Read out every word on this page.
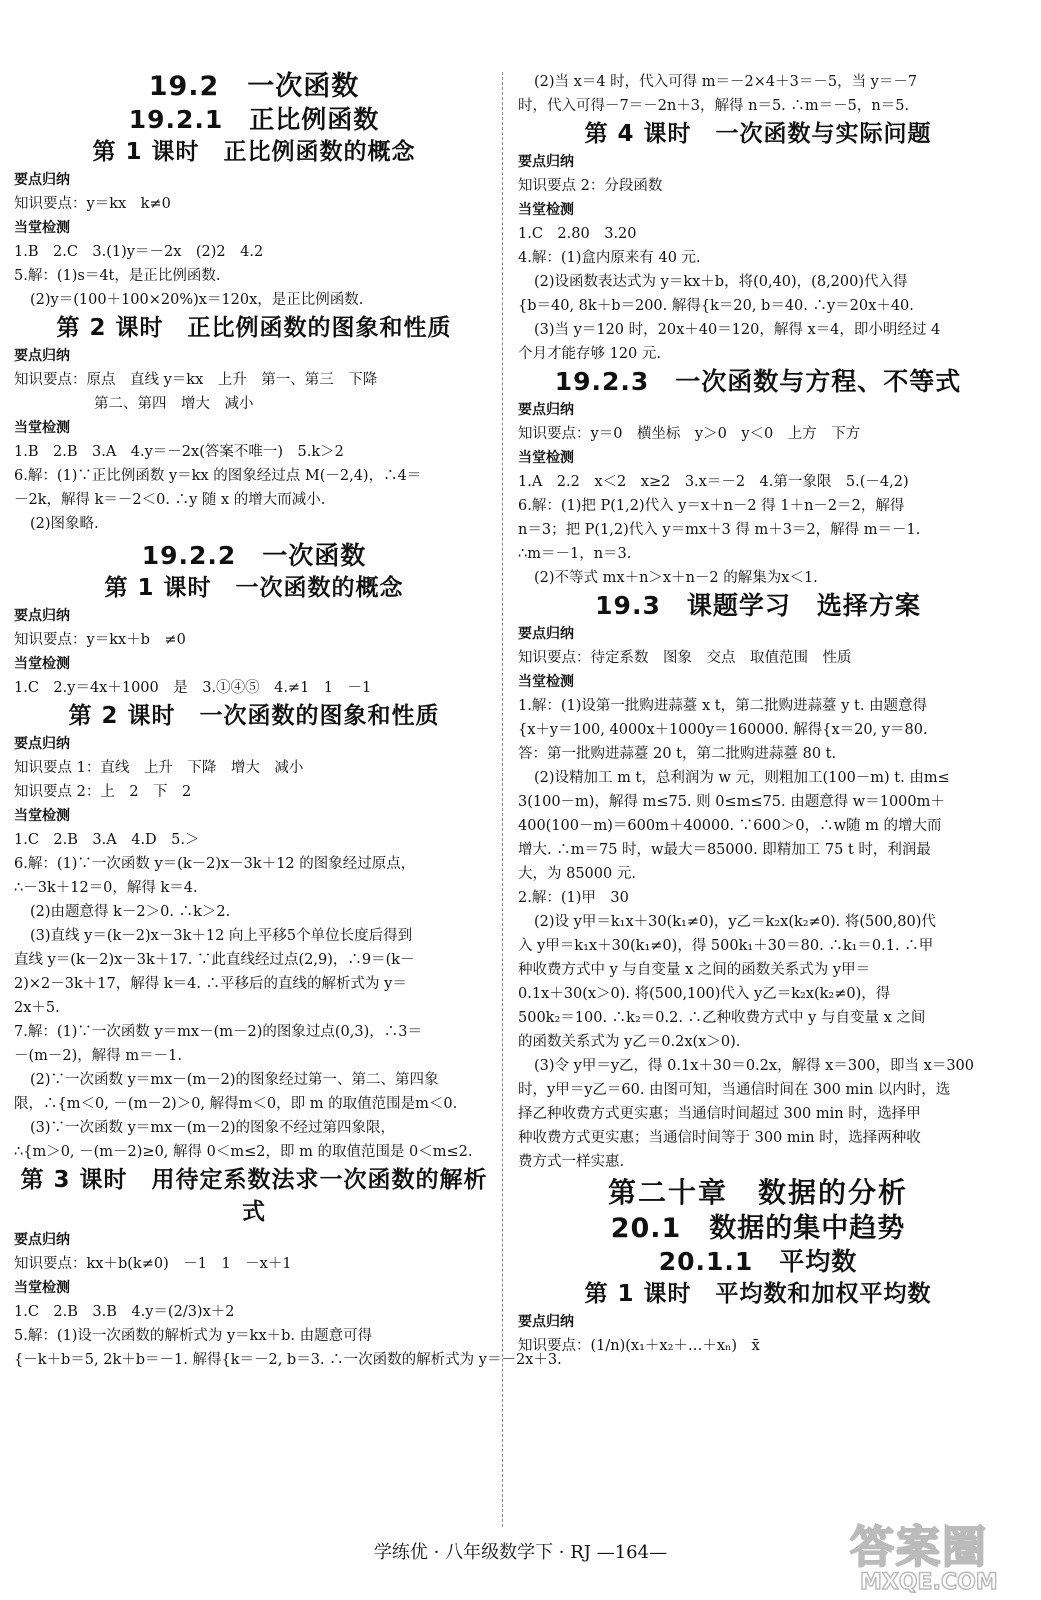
19.2　一次函数
19.2.1　正比例函数
第 1 课时　正比例函数的概念
要点归纳
知识要点：y＝kx　k≠0
当堂检测
1.B　2.C　3.(1)y＝－2x　(2)2　4.2
5.解：(1)s＝4t，是正比例函数.
(2)y＝(100＋100×20%)x＝120x，是正比例函数.
第 2 课时　正比例函数的图象和性质
要点归纳
知识要点：原点　直线 y＝kx　上升　第一、第三　下降
第二、第四　增大　减小
当堂检测
1.B　2.B　3.A　4.y＝－2x(答案不唯一)　5.k＞2
6.解：(1)∵正比例函数 y＝kx 的图象经过点 M(－2,4)，∴4＝
－2k，解得 k＝－2＜0. ∴y 随 x 的增大而减小.
(2)图象略.
19.2.2　一次函数
第 1 课时　一次函数的概念
要点归纳
知识要点：y＝kx＋b　≠0
当堂检测
1.C　2.y＝4x＋1000　是　3.①④⑤　4.≠1　1　－1
第 2 课时　一次函数的图象和性质
要点归纳
知识要点 1：直线　上升　下降　增大　减小
知识要点 2：上　2　下　2
当堂检测
1.C　2.B　3.A　4.D　5.＞
6.解：(1)∵一次函数 y＝(k－2)x－3k＋12 的图象经过原点，
∴－3k＋12＝0，解得 k＝4.
(2)由题意得 k－2＞0. ∴k＞2.
(3)直线 y＝(k－2)x－3k＋12 向上平移5个单位长度后得到
直线 y＝(k－2)x－3k＋17. ∵此直线经过点(2,9)，∴9＝(k－
2)×2－3k＋17，解得 k＝4. ∴平移后的直线的解析式为 y＝
2x＋5.
7.解：(1)∵一次函数 y＝mx－(m－2)的图象过点(0,3)，∴3＝
－(m－2)，解得 m＝－1.
(2)∵一次函数 y＝mx－(m－2)的图象经过第一、第二、第四象
限，∴{m＜0, －(m－2)＞0, 解得m＜0，即 m 的取值范围是m＜0.
(3)∵一次函数 y＝mx－(m－2)的图象不经过第四象限，
∴{m＞0, －(m－2)≥0, 解得 0＜m≤2，即 m 的取值范围是 0＜m≤2.
第 3 课时　用待定系数法求一次函数的解析式
要点归纳
知识要点：kx＋b(k≠0)　－1　1　－x＋1
当堂检测
1.C　2.B　3.B　4.y＝(2/3)x＋2
5.解：(1)设一次函数的解析式为 y＝kx＋b. 由题意可得
{－k＋b＝5, 2k＋b＝－1. 解得{k＝－2, b＝3. ∴一次函数的解析式为 y＝－2x＋3.
(2)当 x＝4 时，代入可得 m＝－2×4＋3＝－5，当 y＝－7
时，代入可得－7＝－2n＋3，解得 n＝5. ∴m＝－5，n＝5.
第 4 课时　一次函数与实际问题
要点归纳
知识要点 2：分段函数
当堂检测
1.C　2.80　3.20
4.解：(1)盒内原来有 40 元.
(2)设函数表达式为 y＝kx＋b，将(0,40)，(8,200)代入得
{b＝40, 8k＋b＝200. 解得{k＝20, b＝40. ∴y＝20x＋40.
(3)当 y＝120 时，20x＋40＝120，解得 x＝4，即小明经过 4
个月才能存够 120 元.
19.2.3　一次函数与方程、不等式
要点归纳
知识要点：y＝0　横坐标　y＞0　y＜0　上方　下方
当堂检测
1.A　2.2　x＜2　x≥2　3.x＝－2　4.第一象限　5.(－4,2)
6.解：(1)把 P(1,2)代入 y＝x＋n－2 得 1＋n－2＝2，解得
n＝3；把 P(1,2)代入 y＝mx＋3 得 m＋3＝2，解得 m＝－1.
∴m＝－1，n＝3.
(2)不等式 mx＋n＞x＋n－2 的解集为x＜1.
19.3　课题学习　选择方案
要点归纳
知识要点：待定系数　图象　交点　取值范围　性质
当堂检测
1.解：(1)设第一批购进蒜薹 x t，第二批购进蒜薹 y t. 由题意得
{x＋y＝100, 4000x＋1000y＝160000. 解得{x＝20, y＝80.
答：第一批购进蒜薹 20 t，第二批购进蒜薹 80 t.
(2)设精加工 m t，总利润为 w 元，则粗加工(100－m) t. 由m≤
3(100－m)，解得 m≤75. 则 0≤m≤75. 由题意得 w＝1000m＋
400(100－m)＝600m＋40000. ∵600＞0，∴w随 m 的增大而
增大. ∴m＝75 时，w最大＝85000. 即精加工 75 t 时，利润最
大，为 85000 元.
2.解：(1)甲　30
(2)设 y甲＝k₁x＋30(k₁≠0)，y乙＝k₂x(k₂≠0). 将(500,80)代
入 y甲＝k₁x＋30(k₁≠0)，得 500k₁＋30＝80. ∴k₁＝0.1. ∴甲
种收费方式中 y 与自变量 x 之间的函数关系式为 y甲＝
0.1x＋30(x＞0). 将(500,100)代入 y乙＝k₂x(k₂≠0)，得
500k₂＝100. ∴k₂＝0.2. ∴乙种收费方式中 y 与自变量 x 之间
的函数关系式为 y乙＝0.2x(x＞0).
(3)令 y甲＝y乙，得 0.1x＋30＝0.2x，解得 x＝300，即当 x＝300
时，y甲＝y乙＝60. 由图可知，当通信时间在 300 min 以内时，选
择乙种收费方式更实惠；当通信时间超过 300 min 时，选择甲
种收费方式更实惠；当通信时间等于 300 min 时，选择两种收
费方式一样实惠.
第二十章　数据的分析
20.1　数据的集中趋势
20.1.1　平均数
第 1 课时　平均数和加权平均数
要点归纳
知识要点：(1/n)(x₁＋x₂＋…＋xₙ)　x̄
学练优 · 八年级数学下 · RJ —164—	答案圈
MXQE.COM
